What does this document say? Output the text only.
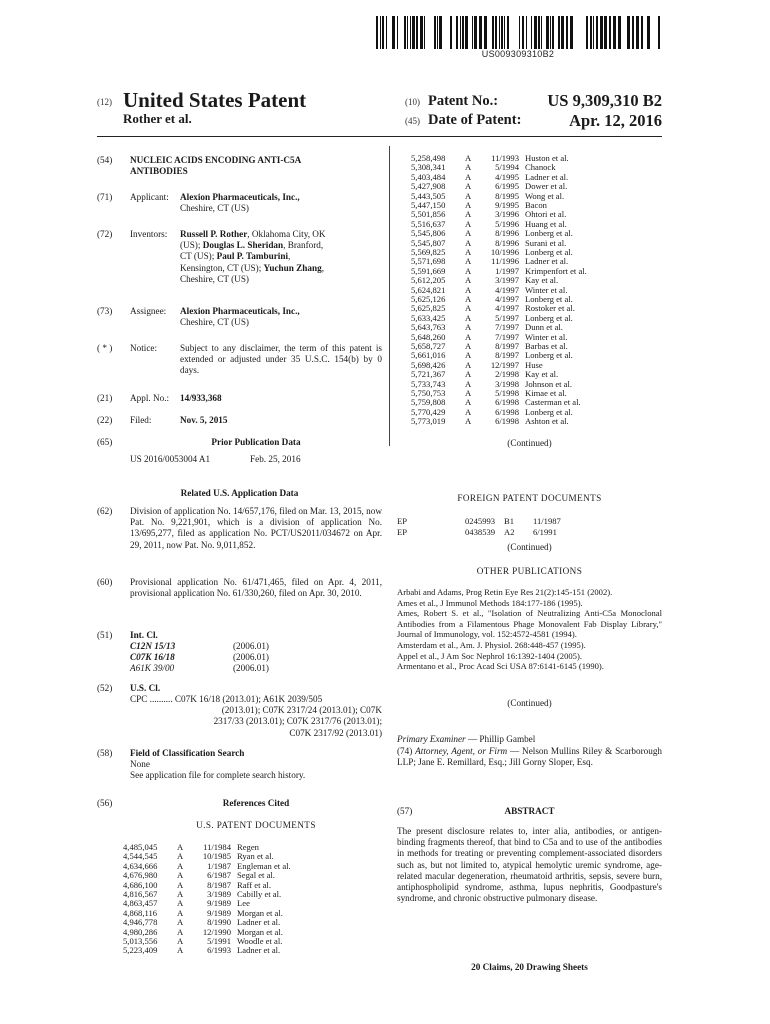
US009309310B2
(12) United States Patent
Rother et al.
(10) Patent No.:	US 9,309,310 B2
(45) Date of Patent:	Apr. 12, 2016
(54)	NUCLEIC ACIDS ENCODING ANTI-C5A
ANTIBODIES
(71)	Applicant:	Alexion Pharmaceuticals, Inc.,
Cheshire, CT (US)
(72)	Inventors:	Russell P. Rother, Oklahoma City, OK
(US); Douglas L. Sheridan, Branford,
CT (US); Paul P. Tamburini,
Kensington, CT (US); Yuchun Zhang,
Cheshire, CT (US)
(73)	Assignee:	Alexion Pharmaceuticals, Inc.,
Cheshire, CT (US)
( * )	Notice:	Subject to any disclaimer, the term of this patent is extended or adjusted under 35 U.S.C. 154(b) by 0 days.
(21)	Appl. No.:	14/933,368
(22)	Filed:	Nov. 5, 2015
(65)	Prior Publication Data
US 2016/0053004 A1	Feb. 25, 2016
Related U.S. Application Data
(62)	Division of application No. 14/657,176, filed on Mar. 13, 2015, now Pat. No. 9,221,901, which is a division of application No. 13/695,277, filed as application No. PCT/US2011/034672 on Apr. 29, 2011, now Pat. No. 9,011,852.
(60)	Provisional application No. 61/471,465, filed on Apr. 4, 2011, provisional application No. 61/330,260, filed on Apr. 30, 2010.
(51)	Int. Cl.
C12N 15/13	(2006.01)
C07K 16/18	(2006.01)
A61K 39/00	(2006.01)
(52)	U.S. Cl.
CPC .......... C07K 16/18 (2013.01); A61K 2039/505
(2013.01); C07K 2317/24 (2013.01); C07K
2317/33 (2013.01); C07K 2317/76 (2013.01);
C07K 2317/92 (2013.01)
(58)	Field of Classification Search
None
See application file for complete search history.
(56)	References Cited
U.S. PATENT DOCUMENTS
4,485,045	A	11/1984 Regen
4,544,545	A	10/1985 Ryan et al.
4,634,666	A	1/1987 Engleman et al.
4,676,980	A	6/1987 Segal et al.
4,686,100	A	8/1987 Raff et al.
4,816,567	A	3/1989 Cabilly et al.
4,863,457	A	9/1989 Lee
4,868,116	A	9/1989 Morgan et al.
4,946,778	A	8/1990 Ladner et al.
4,980,286	A	12/1990 Morgan et al.
5,013,556	A	5/1991 Woodle et al.
5,223,409	A	6/1993 Ladner et al.
5,258,498	A	11/1993 Huston et al.
5,308,341	A	5/1994 Chanock
5,403,484	A	4/1995 Ladner et al.
5,427,908	A	6/1995 Dower et al.
5,443,505	A	8/1995 Wong et al.
5,447,150	A	9/1995 Bacon
5,501,856	A	3/1996 Ohtori et al.
5,516,637	A	5/1996 Huang et al.
5,545,806	A	8/1996 Lonberg et al.
5,545,807	A	8/1996 Surani et al.
5,569,825	A	10/1996 Lonberg et al.
5,571,698	A	11/1996 Ladner et al.
5,591,669	A	1/1997 Krimpenfort et al.
5,612,205	A	3/1997 Kay et al.
5,624,821	A	4/1997 Winter et al.
5,625,126	A	4/1997 Lonberg et al.
5,625,825	A	4/1997 Rostoker et al.
5,633,425	A	5/1997 Lonberg et al.
5,643,763	A	7/1997 Dunn et al.
5,648,260	A	7/1997 Winter et al.
5,658,727	A	8/1997 Barbas et al.
5,661,016	A	8/1997 Lonberg et al.
5,698,426	A	12/1997 Huse
5,721,367	A	2/1998 Kay et al.
5,733,743	A	3/1998 Johnson et al.
5,750,753	A	5/1998 Kimae et al.
5,759,808	A	6/1998 Casterman et al.
5,770,429	A	6/1998 Lonberg et al.
5,773,019	A	6/1998 Ashton et al.
(Continued)
FOREIGN PATENT DOCUMENTS
EP	0245993 B1 11/1987
EP	0438539 A2 6/1991
(Continued)
OTHER PUBLICATIONS
Arbabi and Adams, Prog Retin Eye Res 21(2):145-151 (2002).
Ames et al., J Immunol Methods 184:177-186 (1995).
Ames, Robert S. et al., "Isolation of Neutralizing Anti-C5a Monoclonal Antibodies from a Filamentous Phage Monovalent Fab Display Library," Journal of Immunology, vol. 152:4572-4581 (1994).
Amsterdam et al., Am. J. Physiol. 268:448-457 (1995).
Appel et al., J Am Soc Nephrol 16:1392-1404 (2005).
Armentano et al., Proc Acad Sci USA 87:6141-6145 (1990).
(Continued)
Primary Examiner — Phillip Gambel
(74) Attorney, Agent, or Firm — Nelson Mullins Riley & Scarborough LLP; Jane E. Remillard, Esq.; Jill Gorny Sloper, Esq.
(57)	ABSTRACT
The present disclosure relates to, inter alia, antibodies, or antigen-binding fragments thereof, that bind to C5a and to use of the antibodies in methods for treating or preventing complement-associated disorders such as, but not limited to, atypical hemolytic uremic syndrome, age-related macular degeneration, rheumatoid arthritis, sepsis, severe burn, antiphospholipid syndrome, asthma, lupus nephritis, Goodpasture's syndrome, and chronic obstructive pulmonary disease.
20 Claims, 20 Drawing Sheets
